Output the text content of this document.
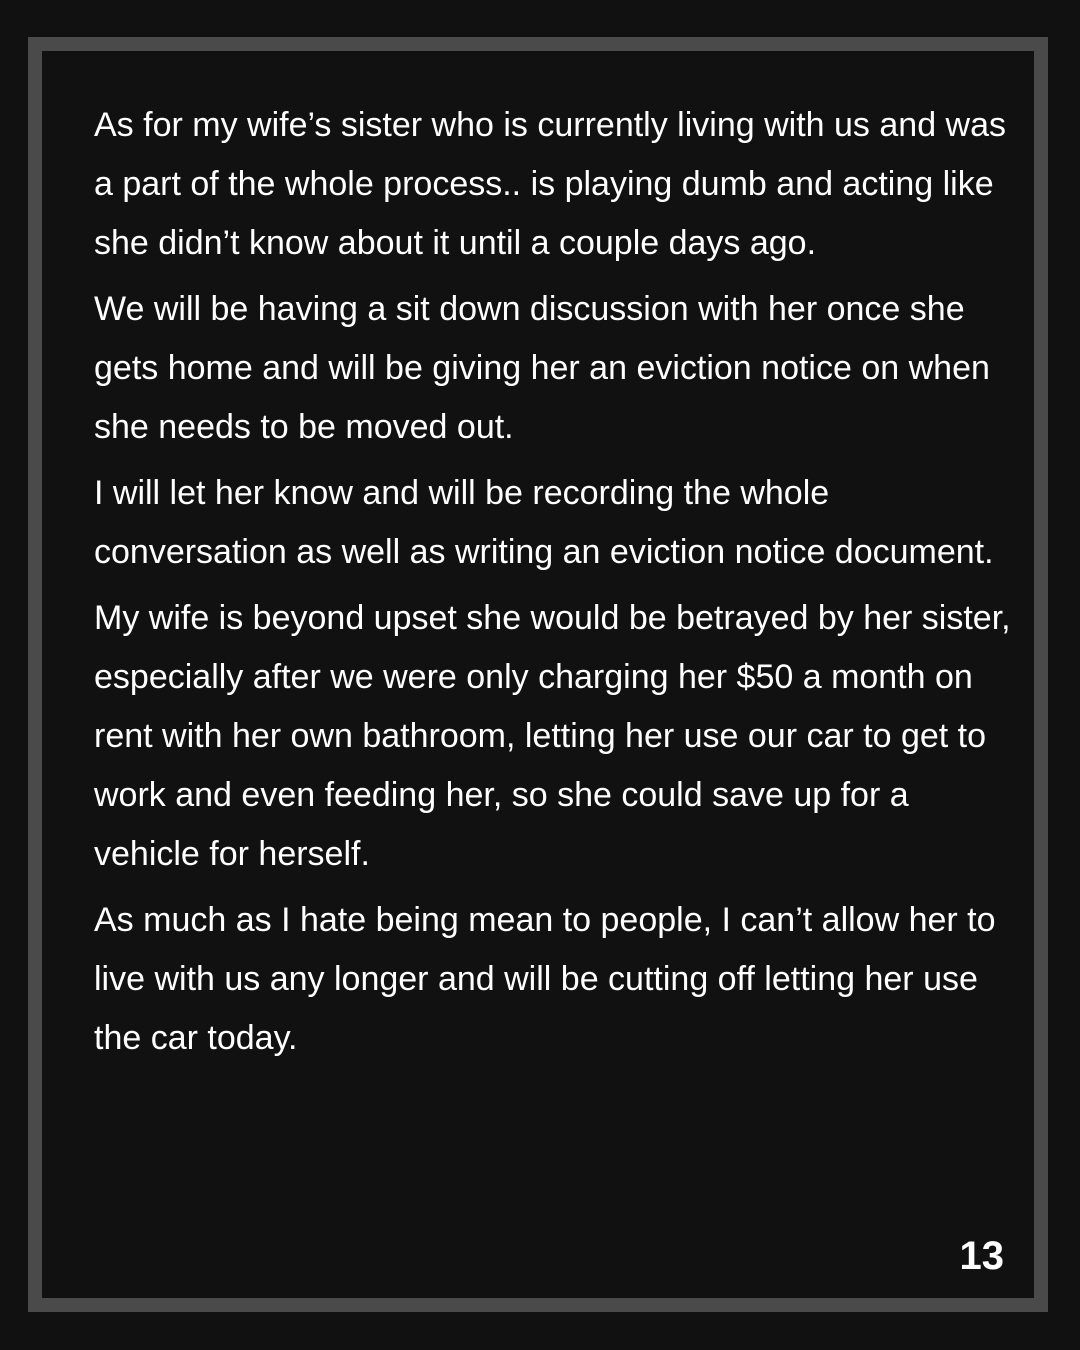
As for my wife’s sister who is currently living with us and was a part of the whole process.. is playing dumb and acting like she didn’t know about it until a couple days ago.

We will be having a sit down discussion with her once she gets home and will be giving her an eviction notice on when she needs to be moved out.

I will let her know and will be recording the whole conversation as well as writing an eviction notice document.

My wife is beyond upset she would be betrayed by her sister, especially after we were only charging her $50 a month on rent with her own bathroom, letting her use our car to get to work and even feeding her, so she could save up for a vehicle for herself.

As much as I hate being mean to people, I can’t allow her to live with us any longer and will be cutting off letting her use the car today.

13
